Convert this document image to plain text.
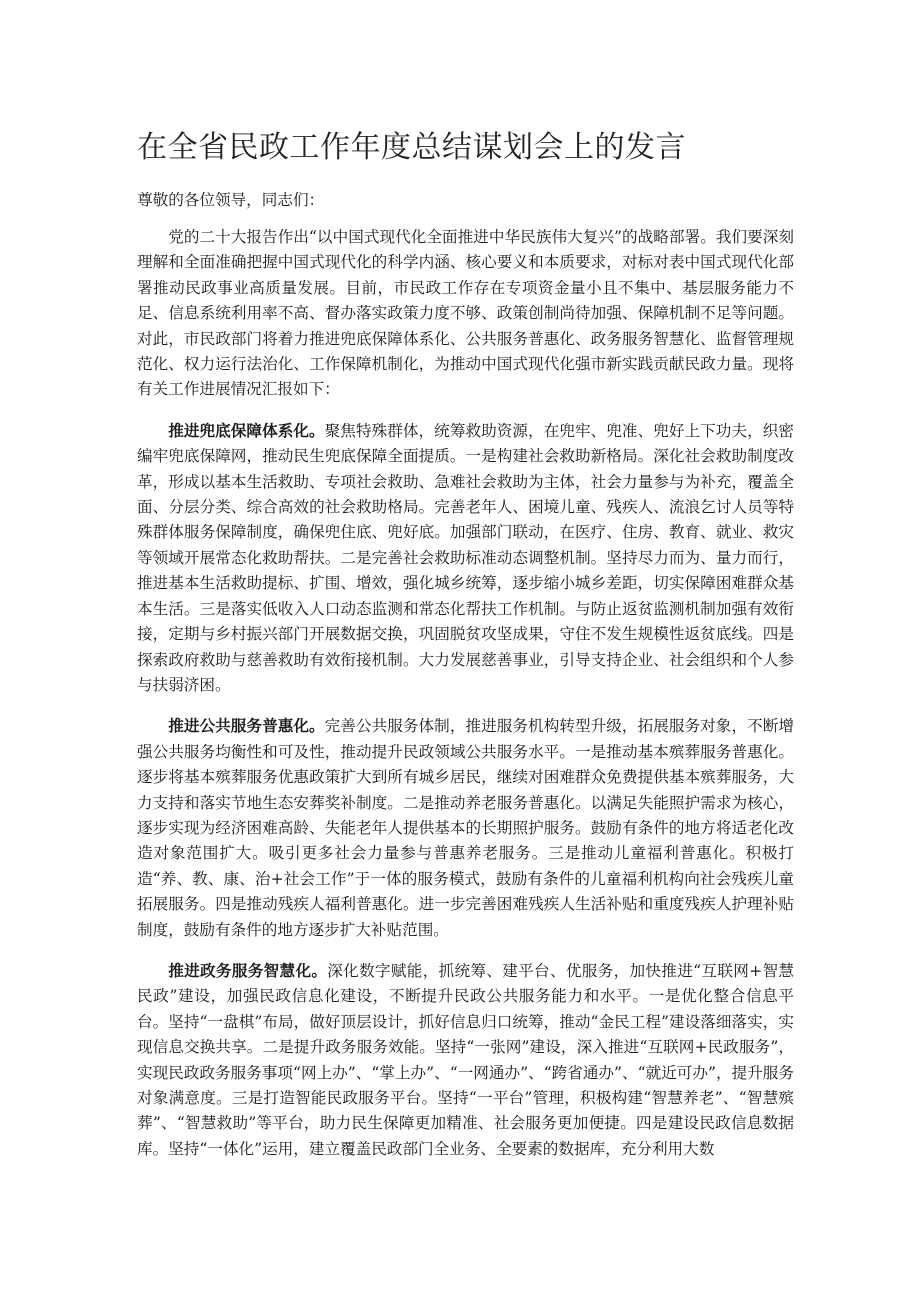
在全省民政工作年度总结谋划会上的发言

尊敬的各位领导，同志们：

党的二十大报告作出“以中国式现代化全面推进中华民族伟大复兴”的战略部署。我们要深刻理解和全面准确把握中国式现代化的科学内涵、核心要义和本质要求，对标对表中国式现代化部署推动民政事业高质量发展。目前，市民政工作存在专项资金量小且不集中、基层服务能力不足、信息系统利用率不高、督办落实政策力度不够、政策创制尚待加强、保障机制不足等问题。对此，市民政部门将着力推进兜底保障体系化、公共服务普惠化、政务服务智慧化、监督管理规范化、权力运行法治化、工作保障机制化，为推动中国式现代化强市新实践贡献民政力量。现将有关工作进展情况汇报如下：

推进兜底保障体系化。聚焦特殊群体，统筹救助资源，在兜牢、兜准、兜好上下功夫，织密编牢兜底保障网，推动民生兜底保障全面提质。一是构建社会救助新格局。深化社会救助制度改革，形成以基本生活救助、专项社会救助、急难社会救助为主体，社会力量参与为补充，覆盖全面、分层分类、综合高效的社会救助格局。完善老年人、困境儿童、残疾人、流浪乞讨人员等特殊群体服务保障制度，确保兜住底、兜好底。加强部门联动，在医疗、住房、教育、就业、救灾等领域开展常态化救助帮扶。二是完善社会救助标准动态调整机制。坚持尽力而为、量力而行，推进基本生活救助提标、扩围、增效，强化城乡统筹，逐步缩小城乡差距，切实保障困难群众基本生活。三是落实低收入人口动态监测和常态化帮扶工作机制。与防止返贫监测机制加强有效衔接，定期与乡村振兴部门开展数据交换，巩固脱贫攻坚成果，守住不发生规模性返贫底线。四是探索政府救助与慈善救助有效衔接机制。大力发展慈善事业，引导支持企业、社会组织和个人参与扶弱济困。

推进公共服务普惠化。完善公共服务体制，推进服务机构转型升级，拓展服务对象，不断增强公共服务均衡性和可及性，推动提升民政领域公共服务水平。一是推动基本殡葬服务普惠化。逐步将基本殡葬服务优惠政策扩大到所有城乡居民，继续对困难群众免费提供基本殡葬服务，大力支持和落实节地生态安葬奖补制度。二是推动养老服务普惠化。以满足失能照护需求为核心，逐步实现为经济困难高龄、失能老年人提供基本的长期照护服务。鼓励有条件的地方将适老化改造对象范围扩大。吸引更多社会力量参与普惠养老服务。三是推动儿童福利普惠化。积极打造“养、教、康、治+社会工作”于一体的服务模式，鼓励有条件的儿童福利机构向社会残疾儿童拓展服务。四是推动残疾人福利普惠化。进一步完善困难残疾人生活补贴和重度残疾人护理补贴制度，鼓励有条件的地方逐步扩大补贴范围。

推进政务服务智慧化。深化数字赋能，抓统筹、建平台、优服务，加快推进“互联网+智慧民政”建设，加强民政信息化建设，不断提升民政公共服务能力和水平。一是优化整合信息平台。坚持“一盘棋”布局，做好顶层设计，抓好信息归口统筹，推动“金民工程”建设落细落实，实现信息交换共享。二是提升政务服务效能。坚持“一张网”建设，深入推进“互联网+民政服务”，实现民政政务服务事项“网上办”、“掌上办”、“一网通办”、“跨省通办”、“就近可办”，提升服务对象满意度。三是打造智能民政服务平台。坚持“一平台”管理，积极构建“智慧养老”、“智慧殡葬”、“智慧救助”等平台，助力民生保障更加精准、社会服务更加便捷。四是建设民政信息数据库。坚持“一体化”运用，建立覆盖民政部门全业务、全要素的数据库，充分利用大数
